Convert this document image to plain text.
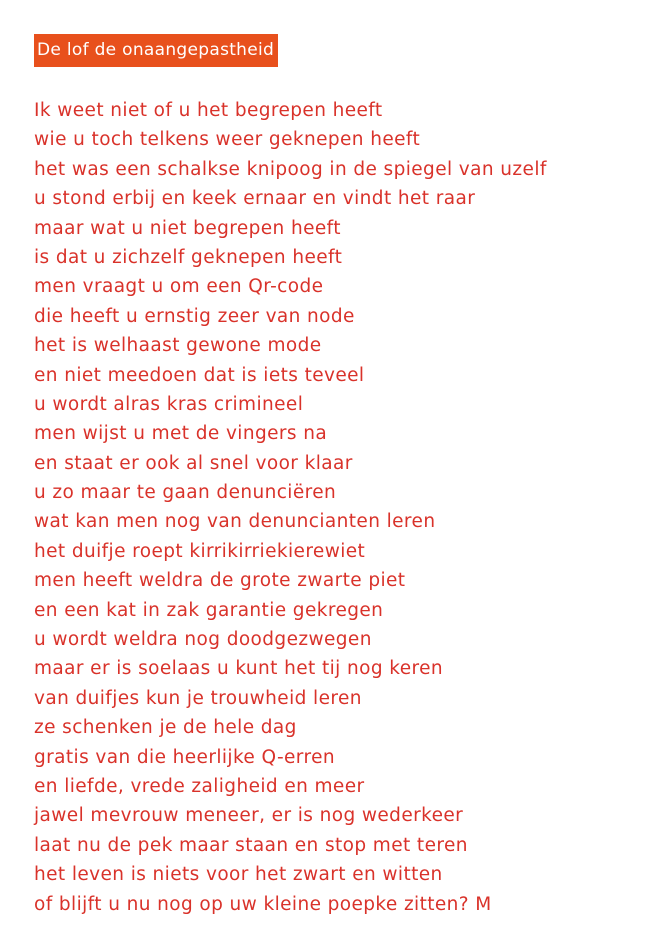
De lof de onaangepastheid
Ik weet niet of u het begrepen heeft
wie u toch telkens weer geknepen heeft
het was een schalkse knipoog in de spiegel van uzelf
u stond erbij en keek ernaar en vindt het raar
maar wat u niet begrepen heeft
is dat u zichzelf geknepen heeft
men vraagt u om een Qr-code
die heeft u ernstig zeer van node
het is welhaast gewone mode
en niet meedoen dat is iets teveel
u wordt alras kras crimineel
men wijst u met de vingers na
en staat er ook al snel voor klaar
u zo maar te gaan denunciëren
wat kan men nog van denuncianten leren
het duifje roept kirrikirriekierewiet
men heeft weldra de grote zwarte piet
en een kat in zak garantie gekregen
u wordt weldra nog doodgezwegen
maar er is soelaas u kunt het tij nog keren
van duifjes kun je trouwheid leren
ze schenken je de hele dag
gratis van die heerlijke Q-erren
en liefde, vrede zaligheid en meer
jawel mevrouw meneer, er is nog wederkeer
laat nu de pek maar staan en stop met teren
het leven is niets voor het zwart en witten
of blijft u nu nog op uw kleine poepke zitten? M
